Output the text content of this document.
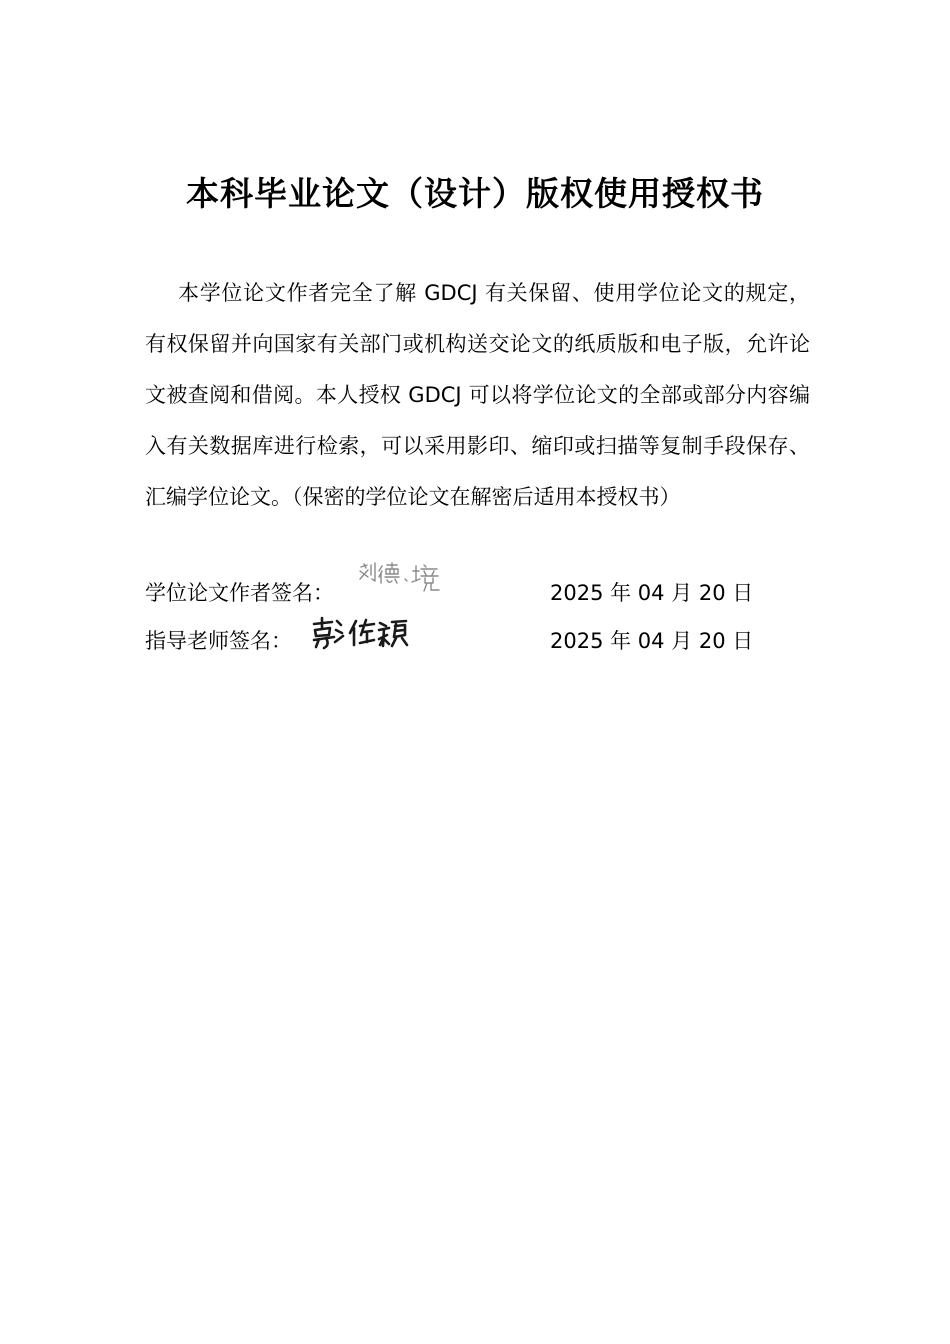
本科毕业论文（设计）版权使用授权书

本学位论文作者完全了解 GDCJ 有关保留、使用学位论文的规定，有权保留并向国家有关部门或机构送交论文的纸质版和电子版，允许论文被查阅和借阅。本人授权 GDCJ 可以将学位论文的全部或部分内容编入有关数据库进行检索，可以采用影印、缩印或扫描等复制手段保存、汇编学位论文。（保密的学位论文在解密后适用本授权书）

学位论文作者签名：	2025 年 04 月 20 日
指导老师签名：	2025 年 04 月 20 日
